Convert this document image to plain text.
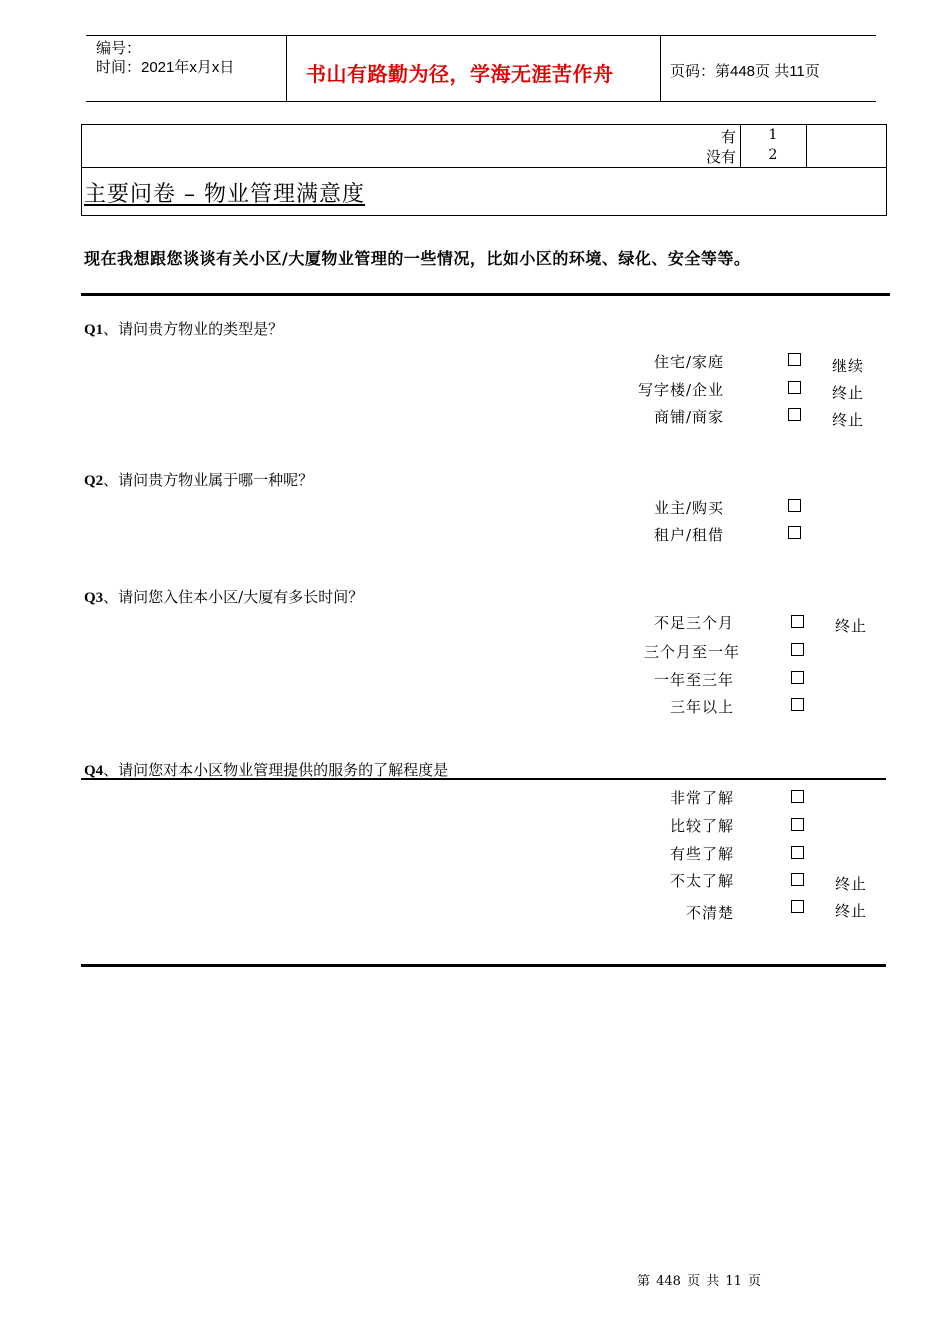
编号：
时间：2021年x月x日	书山有路勤为径，学海无涯苦作舟	页码：第448页 共11页
有	1
没有	2
主要问卷 – 物业管理满意度
现在我想跟您谈谈有关小区/大厦物业管理的一些情况，比如小区的环境、绿化、安全等等。
Q1、请问贵方物业的类型是？
住宅/家庭	继续
写字楼/企业	终止
商铺/商家	终止
Q2、请问贵方物业属于哪一种呢？
业主/购买
租户/租借
Q3、请问您入住本小区/大厦有多长时间？
不足三个月	终止
三个月至一年
一年至三年
三年以上
Q4、请问您对本小区物业管理提供的服务的了解程度是
非常了解
比较了解
有些了解
不太了解	终止
不清楚	终止
第 448 页 共 11 页
